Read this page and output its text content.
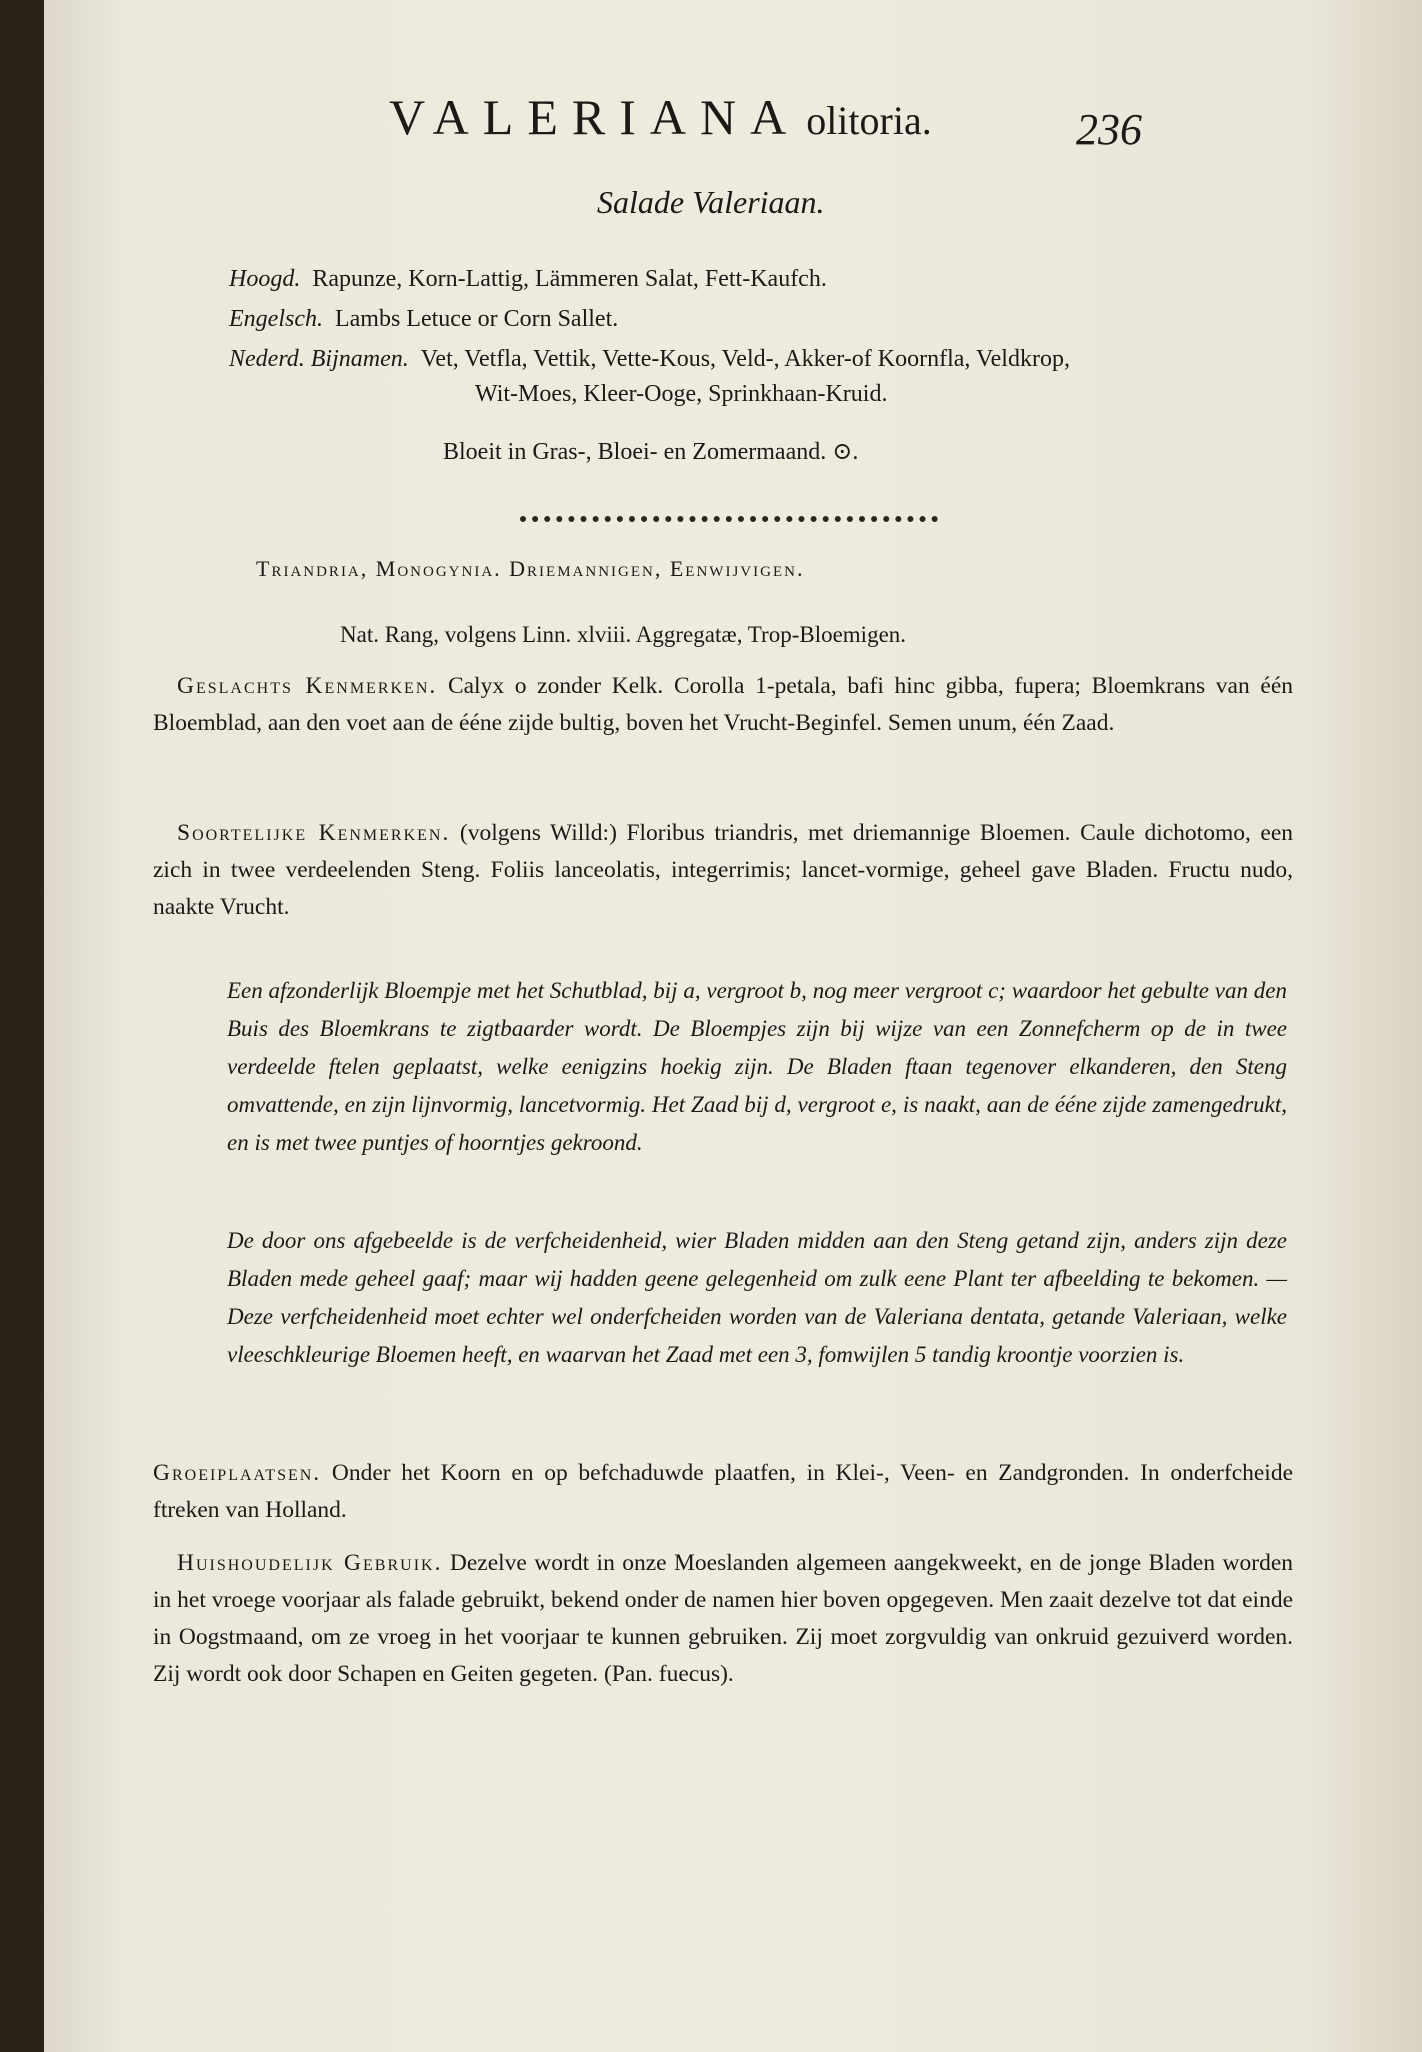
VALERIANA olitoria.	236
Salade Valeriaan.
Hoogd. Rapunze, Korn-Lattig, Lämmeren Salat, Fett-Kaufch.
Engelsch. Lambs Letuce or Corn Sallet.
Nederd. Bijnamen. Vet, Vetfla, Vettik, Vette-Kous, Veld-, Akker-of Koornfla, Veldkrop,
Wit-Moes, Kleer-Ooge, Sprinkhaan-Kruid.
Bloeit in Gras-, Bloei- en Zomermaand. ⊙.
Triandria, Monogynia. Driemannigen, Eenwijvigen.
Nat. Rang, volgens Linn. xlviii. Aggregatæ, Trop-Bloemigen.
Geslachts Kenmerken. Calyx o zonder Kelk. Corolla 1-petala, bafi hinc gibba, fupera; Bloemkrans van één Bloemblad, aan den voet aan de ééne zijde bultig, boven het Vrucht-Beginfel. Semen unum, één Zaad.
Soortelijke Kenmerken. (volgens Willd:) Floribus triandris, met driemannige Bloemen. Caule dichotomo, een zich in twee verdeelenden Steng. Foliis lanceolatis, integerrimis; lancet-vormige, geheel gave Bladen. Fructu nudo, naakte Vrucht.
Een afzonderlijk Bloempje met het Schutblad, bij a, vergroot b, nog meer vergroot c; waardoor het gebulte van den Buis des Bloemkrans te zigtbaarder wordt. De Bloempjes zijn bij wijze van een Zonnefcherm op de in twee verdeelde ftelen geplaatst, welke eenigzins hoekig zijn. De Bladen ftaan tegenover elkanderen, den Steng omvattende, en zijn lijnvormig, lancetvormig. Het Zaad bij d, vergroot e, is naakt, aan de ééne zijde zamengedrukt, en is met twee puntjes of hoorntjes gekroond.
De door ons afgebeelde is de verfcheidenheid, wier Bladen midden aan den Steng getand zijn, anders zijn deze Bladen mede geheel gaaf; maar wij hadden geene gelegenheid om zulk eene Plant ter afbeelding te bekomen. — Deze verfcheidenheid moet echter wel onderfcheiden worden van de Valeriana dentata, getande Valeriaan, welke vleeschkleurige Bloemen heeft, en waarvan het Zaad met een 3, fomwijlen 5 tandig kroontje voorzien is.
Groeiplaatsen. Onder het Koorn en op befchaduwde plaatfen, in Klei-, Veen- en Zandgronden. In onderfcheide ftreken van Holland.
Huishoudelijk Gebruik. Dezelve wordt in onze Moeslanden algemeen aangekweekt, en de jonge Bladen worden in het vroege voorjaar als falade gebruikt, bekend onder de namen hier boven opgegeven. Men zaait dezelve tot dat einde in Oogstmaand, om ze vroeg in het voorjaar te kunnen gebruiken. Zij moet zorgvuldig van onkruid gezuiverd worden. Zij wordt ook door Schapen en Geiten gegeten. (Pan. fuecus).
